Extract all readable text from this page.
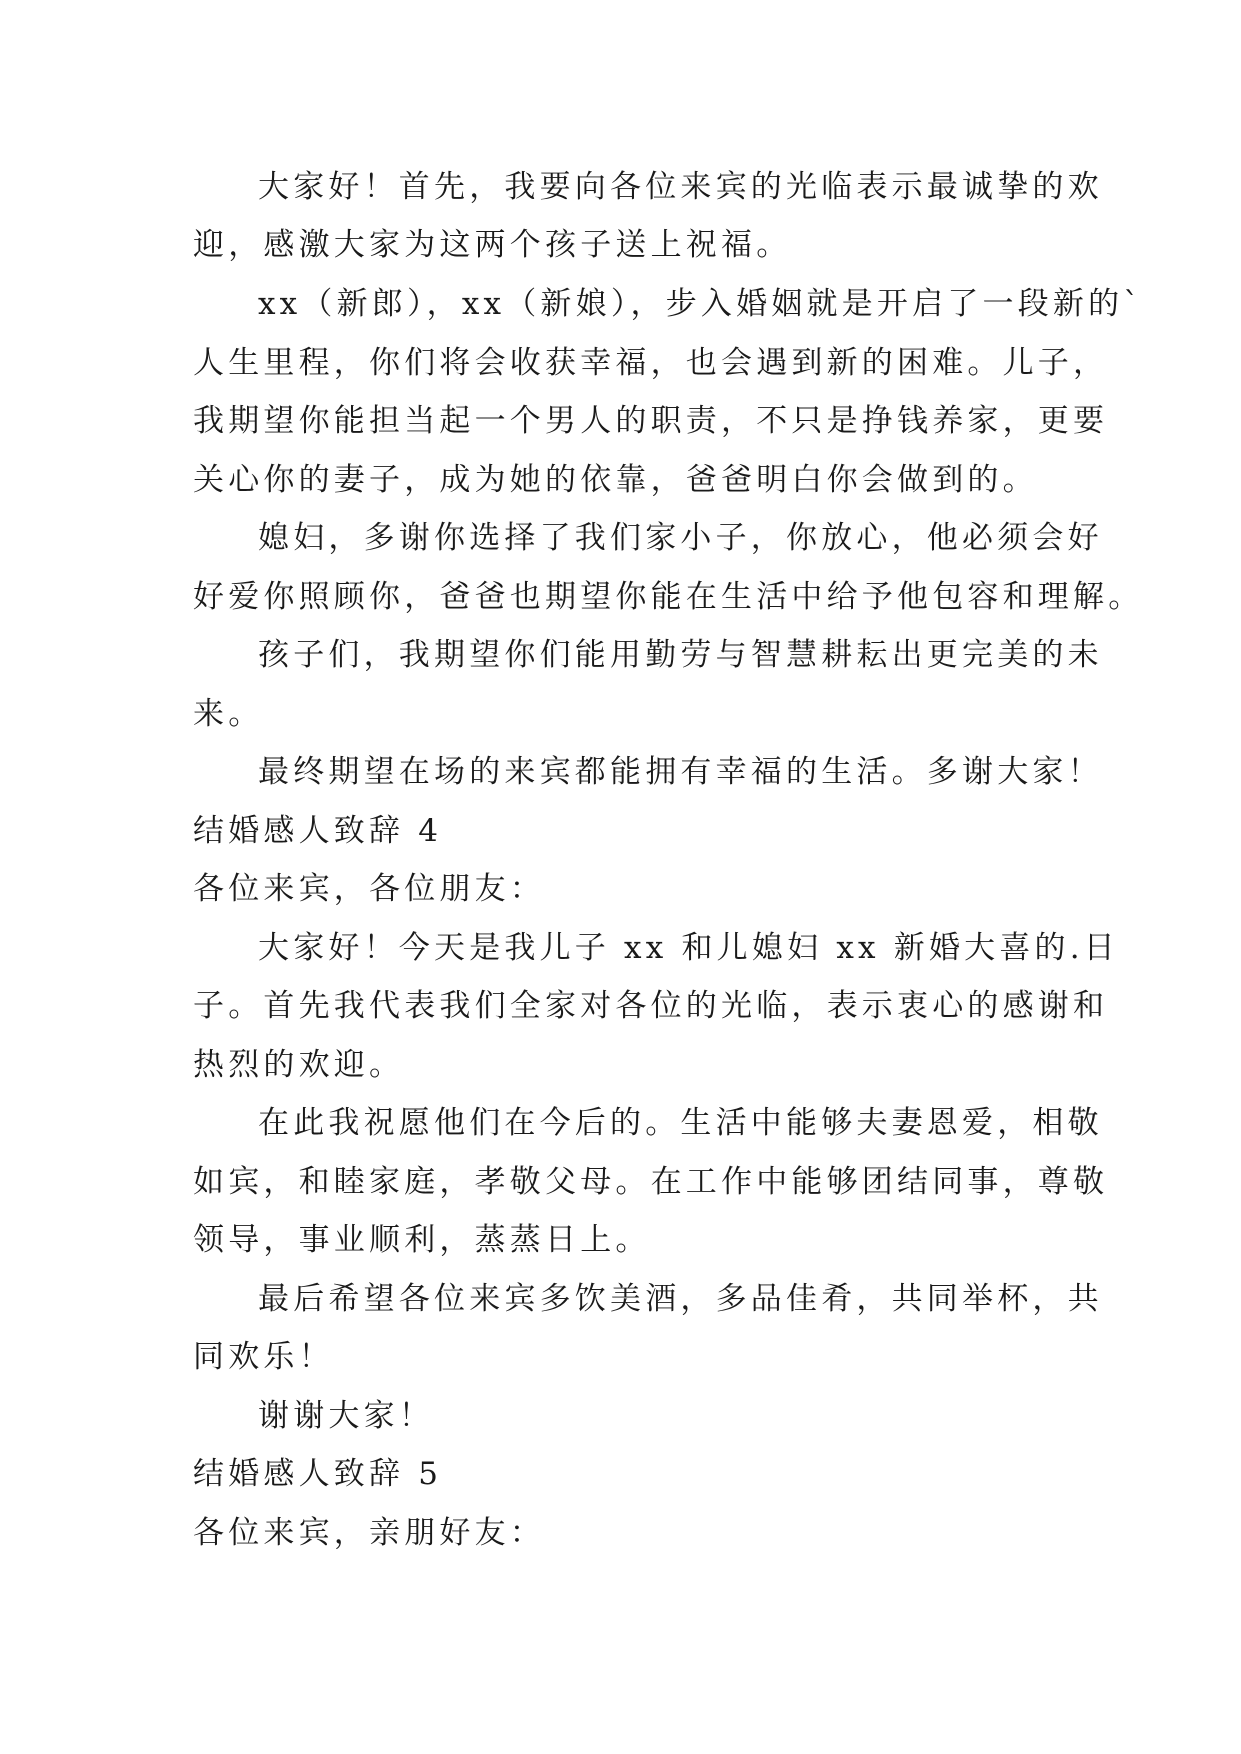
大家好！首先，我要向各位来宾的光临表示最诚挚的欢

迎，感激大家为这两个孩子送上祝福。

xx（新郎），xx（新娘），步入婚姻就是开启了一段新的`

人生里程，你们将会收获幸福，也会遇到新的困难。儿子，

我期望你能担当起一个男人的职责，不只是挣钱养家，更要

关心你的妻子，成为她的依靠，爸爸明白你会做到的。

媳妇，多谢你选择了我们家小子，你放心，他必须会好

好爱你照顾你，爸爸也期望你能在生活中给予他包容和理解。

孩子们，我期望你们能用勤劳与智慧耕耘出更完美的未

来。

最终期望在场的来宾都能拥有幸福的生活。多谢大家！

结婚感人致辞 4

各位来宾，各位朋友：

大家好！今天是我儿子 xx 和儿媳妇 xx 新婚大喜的.日

子。首先我代表我们全家对各位的光临，表示衷心的感谢和

热烈的欢迎。

在此我祝愿他们在今后的。生活中能够夫妻恩爱，相敬

如宾，和睦家庭，孝敬父母。在工作中能够团结同事，尊敬

领导，事业顺利，蒸蒸日上。

最后希望各位来宾多饮美酒，多品佳肴，共同举杯，共

同欢乐！

谢谢大家！

结婚感人致辞 5

各位来宾，亲朋好友：
